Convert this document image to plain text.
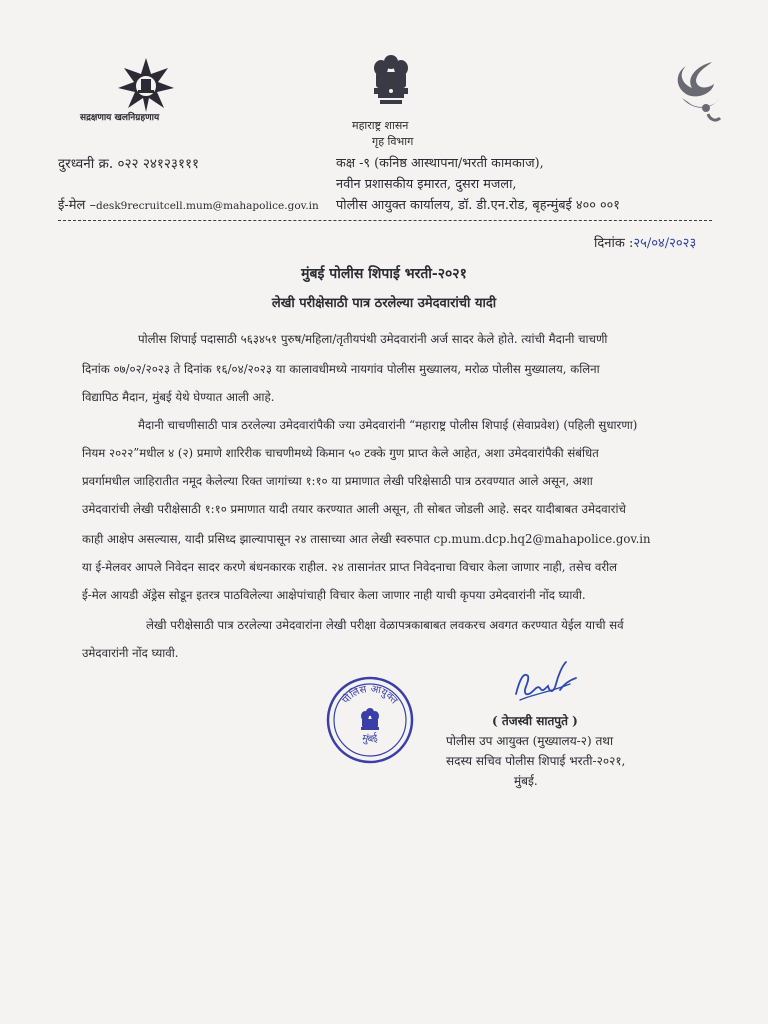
सद्रक्षणाय खलनिग्रहणाय
महाराष्ट्र शासन
गृह विभाग
दुरध्वनी क्र. ०२२ २४१२३१११
ई-मेल –desk9recruitcell.mum@mahapolice.gov.in
कक्ष -९ (कनिष्ठ आस्थापना/भरती कामकाज),
नवीन प्रशासकीय इमारत, दुसरा मजला,
पोलीस आयुक्त कार्यालय, डॉ. डी.एन.रोड, बृहन्मुंबई ४०० ००१
दिनांक :२५/०४/२०२३
मुंबई पोलीस शिपाई भरती-२०२१
लेखी परीक्षेसाठी पात्र ठरलेल्या उमेदवारांची यादी
पोलीस शिपाई पदासाठी ५६३४५१ पुरुष/महिला/तृतीयपंथी उमेदवारांनी अर्ज सादर केले होते. त्यांची मैदानी चाचणी
दिनांक ०७/०२/२०२३ ते दिनांक १६/०४/२०२३ या कालावधीमध्ये नायगांव पोलीस मुख्यालय, मरोळ पोलीस मुख्यालय, कलिना
विद्यापिठ मैदान, मुंबई येथे घेण्यात आली आहे.
मैदानी चाचणीसाठी पात्र ठरलेल्या उमेदवारांपैकी ज्या उमेदवारांनी “महाराष्ट्र पोलीस शिपाई (सेवाप्रवेश) (पहिली सुधारणा)
नियम २०२२”मधील ४ (२) प्रमाणे शारिरीक चाचणीमध्ये किमान ५० टक्के गुण प्राप्त केले आहेत, अशा उमेदवारांपैकी संबंधित
प्रवर्गामधील जाहिरातीत नमूद केलेल्या रिक्त जागांच्या १:१० या प्रमाणात लेखी परिक्षेसाठी पात्र ठरवण्यात आले असून, अशा
उमेदवारांची लेखी परीक्षेसाठी १:१० प्रमाणात यादी तयार करण्यात आली असून, ती सोबत जोडली आहे. सदर यादीबाबत उमेदवारांचे
काही आक्षेप असल्यास, यादी प्रसिध्द झाल्यापासून २४ तासाच्या आत लेखी स्वरुपात cp.mum.dcp.hq2@mahapolice.gov.in
या ई-मेलवर आपले निवेदन सादर करणे बंधनकारक राहील. २४ तासानंतर प्राप्त निवेदनाचा विचार केला जाणार नाही, तसेच वरील
ई-मेल आयडी ॲड्रेस सोडून इतरत्र पाठविलेल्या आक्षेपांचाही विचार केला जाणार नाही याची कृपया उमेदवारांनी नोंद घ्यावी.
लेखी परीक्षेसाठी पात्र ठरलेल्या उमेदवारांना लेखी परीक्षा वेळापत्रकाबाबत लवकरच अवगत करण्यात येईल याची सर्व
उमेदवारांनी नोंद घ्यावी.
पोलिस आयुक्त
मुंबई
( तेजस्वी सातपुते )
पोलीस उप आयुक्त (मुख्यालय-२) तथा
सदस्य सचिव पोलीस शिपाई भरती-२०२१,
मुंबई.
